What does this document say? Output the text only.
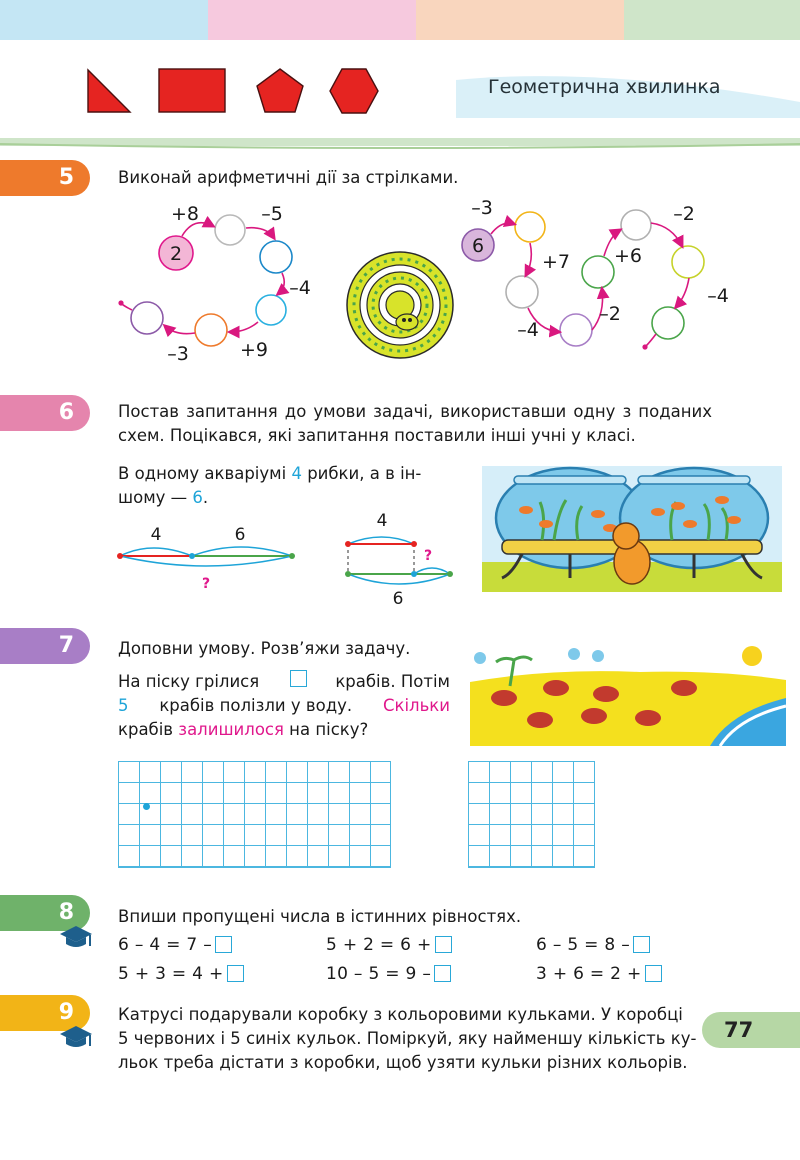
Геометрична хвилинка
5	Виконай арифметичні дії за стрілками.
2
+8	–5
–4
+9
–3
6
–3
+7
–4
–2
+6
–2
–4
6	Постав запитання до умови задачі, використавши одну з поданих схем. Поцікався, які запитання поставили інші учні у класі.
В одному акваріумі 4 рибки, а в ін-
шому — 6.
4	6
?
4
?
6
7	Доповни умову. Розв’яжи задачу.
На піску грілися	крабів. Потім
5 крабів полізли у воду. Скільки
крабів залишилося на піску?
8	Впиши пропущені числа в істинних рівностях.
6 – 4 = 7 –	5 + 2 = 6 +	6 – 5 = 8 –
5 + 3 = 4 +	10 – 5 = 9 –	3 + 6 = 2 +
9	Катрусі подарували коробку з кольоровими кульками. У коробці
5 червоних і 5 синіх кульок. Поміркуй, яку найменшу кількість ку-
льок треба дістати з коробки, щоб узяти кульки різних кольорів.
77
